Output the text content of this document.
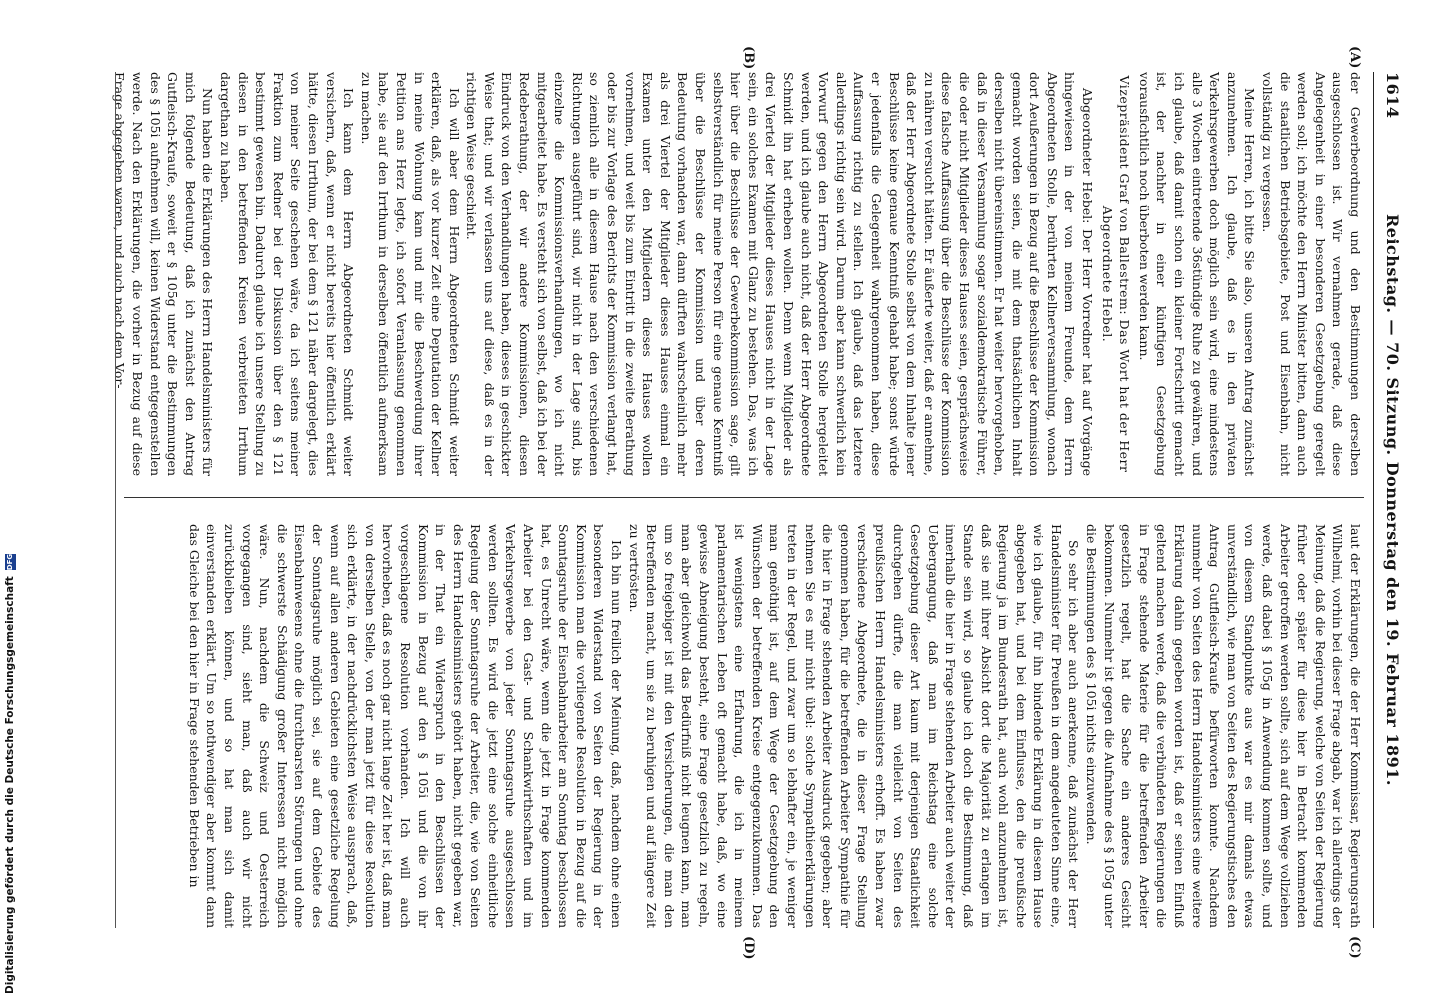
1614
Reichstag. — 70. Sitzung. Donnerstag den 19. Februar 1891.
(A)
(B)
(C)
(D)

der Gewerbeordnung und den Bestimmungen derselben ausgeschlossen ist. Wir vernahmen gerade, daß diese Angelegenheit in einer besonderen Gesetzgebung geregelt werden soll; ich möchte den Herrn Minister bitten, dann auch die staatlichen Betriebsgebiete, Post und Eisenbahn, nicht vollständig zu vergessen.

Meine Herren, ich bitte Sie also, unseren Antrag zunächst anzunehmen. Ich glaube, daß es in den privaten Verkehrsgewerben doch möglich sein wird, eine mindestens alle 3 Wochen eintretende 36stündige Ruhe zu gewähren, und ich glaube, daß damit schon ein kleiner Fortschritt gemacht ist, der nachher in einer künftigen Gesetzgebung vorausfichtlich noch überboten werden kann.

Vizepräsident Graf von Ballestrem: Das Wort hat der Herr Abgeordnete Hebel.

Abgeordneter Hebel: Der Herr Vorredner hat auf Vorgänge hingewiesen in der von meinem Freunde, dem Herrn Abgeordneten Stolle, berührten Kellnerversammlung, wonach dort Aeußerungen in Bezug auf die Beschlüsse der Kommission gemacht worden seien, die mit dem thatsächlichen Inhalt derselben nicht übereinstimmen. Er hat weiter hervorgehoben, daß in dieser Versammlung sogar sozialdemokratische Führer, die oder nicht Mitglieder dieses Hauses seien, gesprächsweise diese falsche Auffassung über die Beschlüsse der Kommission zu nähren versucht hätten. Er äußerte weiter, daß er annehme, daß der Herr Abgeordnete Stolle selbst von dem Inhalte jener Beschlüsse keine genaue Kenntniß gehabt habe; sonst würde er jedenfalls die Gelegenheit wahrgenommen haben, diese Auffassung richtig zu stellen. Ich glaube, daß das letztere allerdings richtig sein wird. Darum aber kann schwerlich kein Vorwurf gegen den Herrn Abgeordneten Stolle hergeleitet werden, und ich glaube auch nicht, daß der Herr Abgeordnete Schmidt ihn hat erheben wollen. Denn wenn Mitglieder als drei Viertel der Mitglieder dieses Hauses nicht in der Lage sein, ein solches Examen mit Glanz zu bestehen. Das, was ich hier über die Beschlüsse der Gewerbekommission sage, gilt selbstverständlich für meine Person für eine genaue Kenntniß über die Beschlüsse der Kommission und über deren Bedeutung vorhanden war, dann dürften wahrscheinlich mehr als drei Viertel der Mitglieder dieses Hauses einmal ein Examen unter den Mitgliedern dieses Hauses wollen vornehmen, und weit bis zum Eintritt in die zweite Berathung oder bis zur Vorlage des Berichts der Kommission verlangt hat, so ziemlich alle in diesem Hause nach den verschiedenen Richtungen ausgeführt sind, wir nicht in der Lage sind, bis einzelne die Kommissionsverhandlungen, wo ich nicht mitgearbeitet habe. Es versteht sich von selbst, daß ich bei der Redeberathung, der wir andere Kommissionen, diesen Eindruck von den Verhandlungen haben, dieses in geschickter Weise that; und wir verlassen uns auf diese, daß es in der richtigen Weise geschieht.

Ich will aber dem Herrn Abgeordneten Schmidt weiter erklären, daß, als vor kurzer Zeit eine Deputation der Kellner in meine Wohnung kam und mir die Beschwerdung ihrer Petition ans Herz legte, ich sofort Veranlassung genommen habe, sie auf den Irrthum in derselben öffentlich aufmerksam zu machen.

Ich kann dem Herrn Abgeordneten Schmidt weiter versichern, daß, wenn er nicht bereits hier öffentlich erklärt hätte, diesen Irrthum, der bei dem § 121 näher dargelegt, dies von meiner Seite geschehen wäre, da ich seitens meiner Fraktion zum Redner bei der Diskussion über den § 121 bestimmt gewesen bin. Dadurch glaube ich unsere Stellung zu diesen in den betreffenden Kreisen verbreiteten Irrthum dargethan zu haben.

Nun haben die Erklärungen des Herrn Handelsministers für mich folgende Bedeutung, daß ich zunächst den Antrag Gutfleisch-Kraufe, soweit er § 105g unter die Bestimmungen des § 105i aufnehmen will, keinen Widerstand entgegenstellen werde. Nach den Erklärungen, die vorher in Bezug auf diese Frage abgegeben waren, und auch nach dem Vor-

laut der Erklärungen, die der Herr Kommissar, Regierungsrath Wilhelmi, vorhin bei dieser Frage abgab, war ich allerdings der Meinung, daß die Regierung, welche von Seiten der Regierung früher oder später für diese hier in Betracht kommenden Arbeiter getroffen werden sollte, sich auf dem Wege vollziehen werde, daß dabei § 105g in Anwendung kommen sollte, und von diesem Standpunkte aus war es mir damals etwas unverständlich, wie man von Seiten des Regierungstisches den Antrag Gutfleisch-Kraufe befürworten konnte. Nachdem nunmehr von Seiten des Herrn Handelsministers eine weitere Erklärung dahin gegeben worden ist, daß er seinen Einfluß geltend machen werde, daß die verbündeten Regierungen die in Frage stehende Materie für die betreffenden Arbeiter gesetzlich regelt, hat die Sache ein anderes Gesicht bekommen. Nunmehr ist gegen die Aufnahme des § 105g unter die Bestimmungen des § 105i nichts einzuwenden.

So sehr ich aber auch anerkenne, daß zunächst der Herr Handelsminister für Preußen in dem angedeuteten Sinne eine, wie ich glaube, für ihn bindende Erklärung in diesem Hause abgegeben hat, und bei dem Einflusse, den die preußische Regierung ja im Bundesrath hat, auch wohl anzunehmen ist, daß sie mit ihrer Absicht dort die Majorität zu erlangen im Stande sein wird, so glaube ich doch die Bestimmung, daß innerhalb die hier in Frage stehenden Arbeiter auch weiter der Uebergangung, daß man im Reichstag eine solche Gesetzgebung dieser Art kaum mit derjenigen Staatlichkeit durchgehen dürfte, die man vielleicht von Seiten des preußischen Herrn Handelsministers erhofft. Es haben zwar verschiedene Abgeordnete, die in dieser Frage Stellung genommen haben, für die betreffenden Arbeiter Sympathie für die hier in Frage stehenden Arbeiter Ausdruck gegeben; aber nehmen Sie es mir nicht übel: solche Sympathieerklärungen treten in der Regel, und zwar um so lebhafter ein, je weniger man genöthigt ist, auf dem Wege der Gesetzgebung den Wünschen der betreffenden Kreise entgegenzukommen. Das ist wenigstens eine Erfahrung, die ich in meinem parlamentarischen Leben oft gemacht habe, daß, wo eine gewisse Abneigung besteht, eine Frage gesetzlich zu regeln, man aber gleichwohl das Bedürfniß nicht leugnen kann, man um so freigebiger ist mit den Versicherungen, die man den Betreffenden macht, um sie zu beruhigen und auf längere Zeit zu vertrösten.

Ich bin nun freilich der Meinung, daß, nachdem ohne einen besonderen Widerstand von Seiten der Regierung in der Kommission man die vorliegende Resolution in Bezug auf die Sonntagsruhe der Eisenbahnarbeiter am Sonntag beschlossen hat, es Unrecht wäre, wenn die jetzt in Frage kommenden Arbeiter bei den Gast- und Schankwirthschaften und im Verkehrsgewerbe von jeder Sonntagsruhe ausgeschlossen werden sollten. Es wird die jetzt eine solche einheitliche Regelung der Sonntagsruhe der Arbeiter, die, wie von Seiten des Herrn Handelsministers gehört haben, nicht gegeben war, in der That ein Widerspruch in den Beschlüssen der Kommission in Bezug auf den § 105i und die von ihr vorgeschlagene Resolution vorhanden. Ich will auch hervorheben, daß es noch gar nicht lange Zeit her ist, daß man von derselben Stelle, von der man jetzt für diese Resolution sich erklärte, in der nachdrücklichsten Weise aussprach, daß, wenn auf allen anderen Gebieten eine gesetzliche Regelung der Sonntagsruhe möglich sei, sie auf dem Gebiete des Eisenbahnwesens ohne die furchtbarsten Störungen und ohne die schwerste Schädigung großer Interessen nicht möglich wäre. Nun, nachdem die Schweiz und Oesterreich vorgegangen sind, sieht man, daß auch wir nicht zurückbleiben können, und so hat man sich damit einverstanden erklärt. Um so nothwendiger aber kommt dann das Gleiche bei den hier in Frage stehenden Betrieben in

Digitalisierung gefördert durch die Deutsche Forschungsgemeinschaft
DFG
